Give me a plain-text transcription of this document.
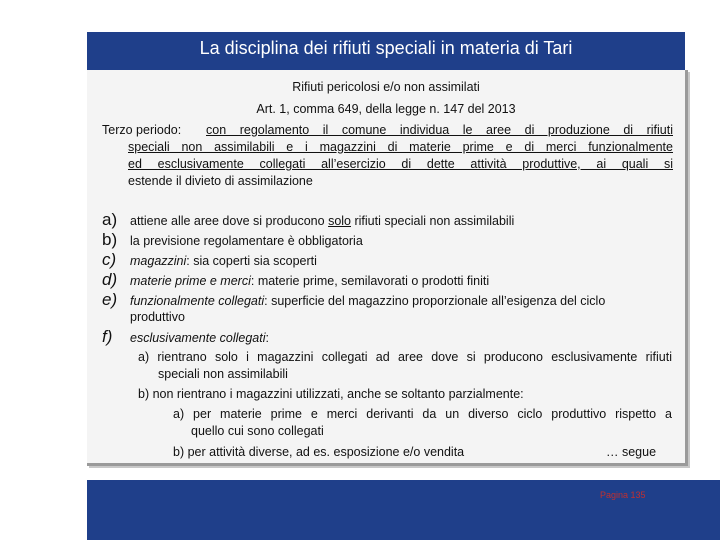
La disciplina dei rifiuti speciali in materia di Tari
Rifiuti pericolosi e/o non assimilati
Art. 1, comma 649, della legge n. 147 del 2013
Terzo periodo: con regolamento il comune individua le aree di produzione di rifiuti
speciali non assimilabili e i magazzini di materie prime e di merci funzionalmente
ed esclusivamente collegati all’esercizio di dette attività produttive, ai quali si
estende il divieto di assimilazione
a) attiene alle aree dove si producono solo rifiuti speciali non assimilabili
b) la previsione regolamentare è obbligatoria
c) magazzini: sia coperti sia scoperti
d) materie prime e merci: materie prime, semilavorati o prodotti finiti
e) funzionalmente collegati: superficie del magazzino proporzionale all’esigenza del ciclo
produttivo
f) esclusivamente collegati:
a) rientrano solo i magazzini collegati ad aree dove si producono esclusivamente rifiuti
speciali non assimilabili
b) non rientrano i magazzini utilizzati, anche se soltanto parzialmente:
a) per materie prime e merci derivanti da un diverso ciclo produttivo rispetto a
quello cui sono collegati
b) per attività diverse, ad es. esposizione e/o vendita	… segue
Pagina 135
